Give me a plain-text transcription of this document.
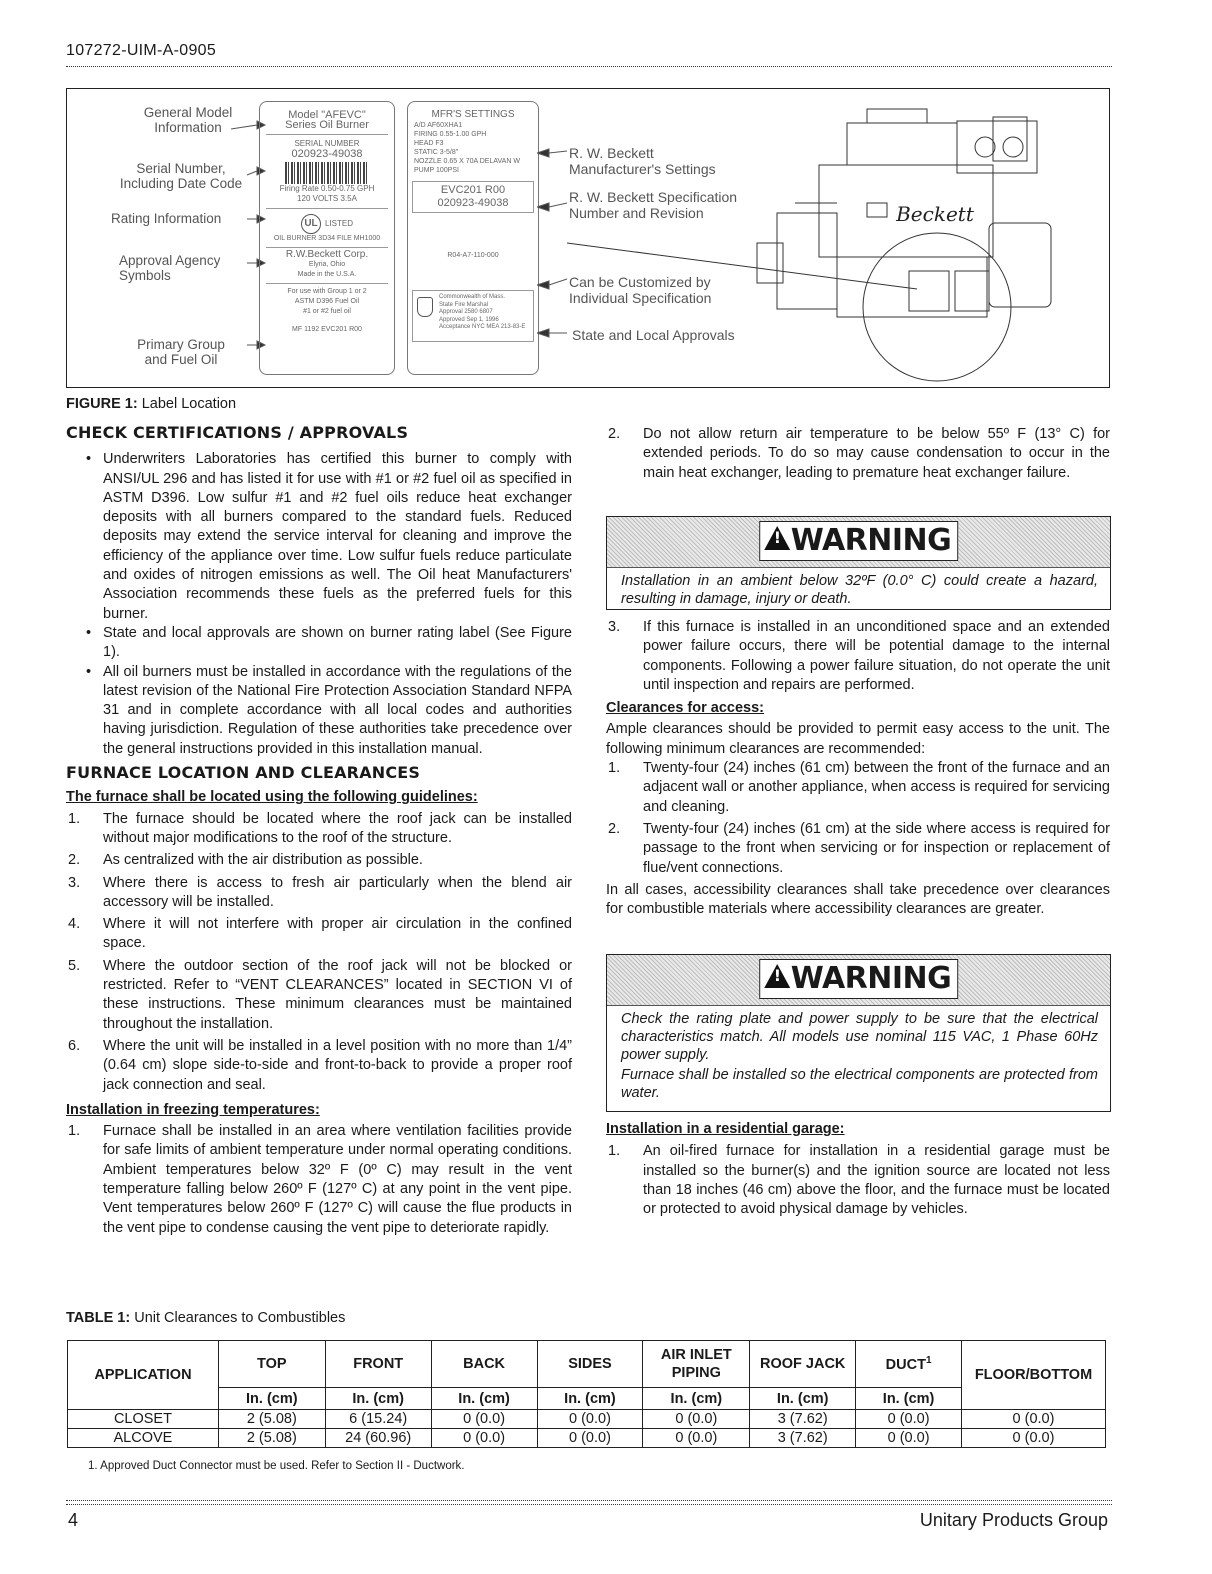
107272-UIM-A-0905
General Model Information
Serial Number, Including Date Code
Rating Information
Approval Agency Symbols
Primary Group and Fuel Oil
Model "AFEVC"
Series Oil Burner
SERIAL NUMBER
020923-49038
Firing Rate 0.50-0.75 GPH
120 VOLTS 3.5A
UL LISTED
OIL BURNER 3D34 FILE MH1000
R.W.Beckett Corp.
Elyria, Ohio
Made in the U.S.A.
For use with Group 1 or 2
ASTM D396 Fuel Oil
#1 or #2 fuel oil
MF 1192 EVC201 R00
MFR'S SETTINGS
A/D AF60XHA1
FIRING 0.55-1.00 GPH
HEAD F3
STATIC 3-5/8"
NOZZLE 0.65 X 70A DELAVAN W
PUMP 100PSI
EVC201 R00
020923-49038
R04-A7-110-000
Commonwealth of Mass.
State Fire Marshal
Approval 2580 6807
Approved Sep 1, 1996
Acceptance NYC MEA 213-83-E
R. W. Beckett Manufacturer's Settings
R. W. Beckett Specification Number and Revision
Can be Customized by Individual Specification
State and Local Approvals
Beckett
FIGURE 1: Label Location

CHECK CERTIFICATIONS / APPROVALS

• Underwriters Laboratories has certified this burner to comply with ANSI/UL 296 and has listed it for use with #1 or #2 fuel oil as specified in ASTM D396. Low sulfur #1 and #2 fuel oils reduce heat exchanger deposits with all burners compared to the standard fuels. Reduced deposits may extend the service interval for cleaning and improve the efficiency of the appliance over time. Low sulfur fuels reduce particulate and oxides of nitrogen emissions as well. The Oil heat Manufacturers' Association recommends these fuels as the preferred fuels for this burner.
• State and local approvals are shown on burner rating label (See Figure 1).
• All oil burners must be installed in accordance with the regulations of the latest revision of the National Fire Protection Association Standard NFPA 31 and in complete accordance with all local codes and authorities having jurisdiction. Regulation of these authorities take precedence over the general instructions provided in this installation manual.

FURNACE LOCATION AND CLEARANCES

The furnace shall be located using the following guidelines:

1. The furnace should be located where the roof jack can be installed without major modifications to the roof of the structure.
2. As centralized with the air distribution as possible.
3. Where there is access to fresh air particularly when the blend air accessory will be installed.
4. Where it will not interfere with proper air circulation in the confined space.
5. Where the outdoor section of the roof jack will not be blocked or restricted. Refer to “VENT CLEARANCES” located in SECTION VI of these instructions. These minimum clearances must be maintained throughout the installation.
6. Where the unit will be installed in a level position with no more than 1/4” (0.64 cm) slope side-to-side and front-to-back to provide a proper roof jack connection and seal.

Installation in freezing temperatures:

1. Furnace shall be installed in an area where ventilation facilities provide for safe limits of ambient temperature under normal operating conditions. Ambient temperatures below 32º F (0º C) may result in the vent temperature falling below 260º F (127º C) at any point in the vent pipe. Vent temperatures below 260º F (127º C) will cause the flue products in the vent pipe to condense causing the vent pipe to deteriorate rapidly.
2. Do not allow return air temperature to be below 55º F (13° C) for extended periods. To do so may cause condensation to occur in the main heat exchanger, leading to premature heat exchanger failure.
!WARNING

Installation in an ambient below 32ºF (0.0° C) could create a hazard, resulting in damage, injury or death.

3. If this furnace is installed in an unconditioned space and an extended power failure occurs, there will be potential damage to the internal components. Following a power failure situation, do not operate the unit until inspection and repairs are performed.

Clearances for access:

Ample clearances should be provided to permit easy access to the unit. The following minimum clearances are recommended:

1. Twenty-four (24) inches (61 cm) between the front of the furnace and an adjacent wall or another appliance, when access is required for servicing and cleaning.
2. Twenty-four (24) inches (61 cm) at the side where access is required for passage to the front when servicing or for inspection or replacement of flue/vent connections.

In all cases, accessibility clearances shall take precedence over clearances for combustible materials where accessibility clearances are greater.

!WARNING

Check the rating plate and power supply to be sure that the electrical characteristics match. All models use nominal 115 VAC, 1 Phase 60Hz power supply.

Furnace shall be installed so the electrical components are protected from water.

Installation in a residential garage:

1. An oil-fired furnace for installation in a residential garage must be installed so the burner(s) and the ignition source are located not less than 18 inches (46 cm) above the floor, and the furnace must be located or protected to avoid physical damage by vehicles.
TABLE 1: Unit Clearances to Combustibles
APPLICATION	TOP	FRONT	BACK	SIDES	AIR INLET PIPING	ROOF JACK	DUCT$^1$	FLOOR/BOTTOM
	In. (cm)	In. (cm)	In. (cm)	In. (cm)	In. (cm)	In. (cm)	In. (cm)	
CLOSET	2 (5.08)	6 (15.24)	0 (0.0)	0 (0.0)	0 (0.0)	3 (7.62)	0 (0.0)	0 (0.0)
ALCOVE	2 (5.08)	24 (60.96)	0 (0.0)	0 (0.0)	0 (0.0)	3 (7.62)	0 (0.0)	0 (0.0)
1. Approved Duct Connector must be used. Refer to Section II - Ductwork.
4	Unitary Products Group
